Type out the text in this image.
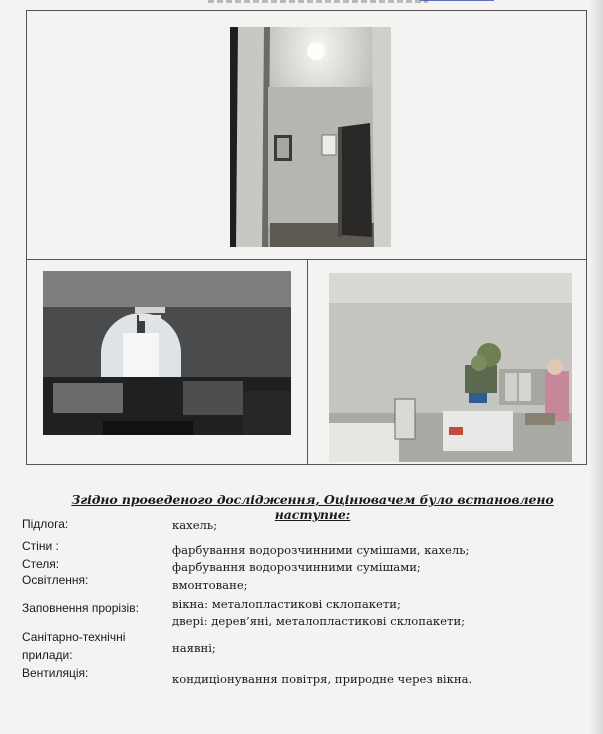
Згідно проведеного дослідження, Оцінювачем було встановлено наступне:
Підлога:	кахель;
Стіни :	фарбування водорозчинними сумішами, кахель;
Стеля:	фарбування водорозчинними сумішами;
Освітлення:	вмонтоване;
Заповнення прорізів:	вікна: металопластикові склопакети;
двері: дерев’яні, металопластикові склопакети;
Санітарно-технічні
прилади:	наявні;
Вентиляція:	кондиціонування повітря, природне через вікна.
